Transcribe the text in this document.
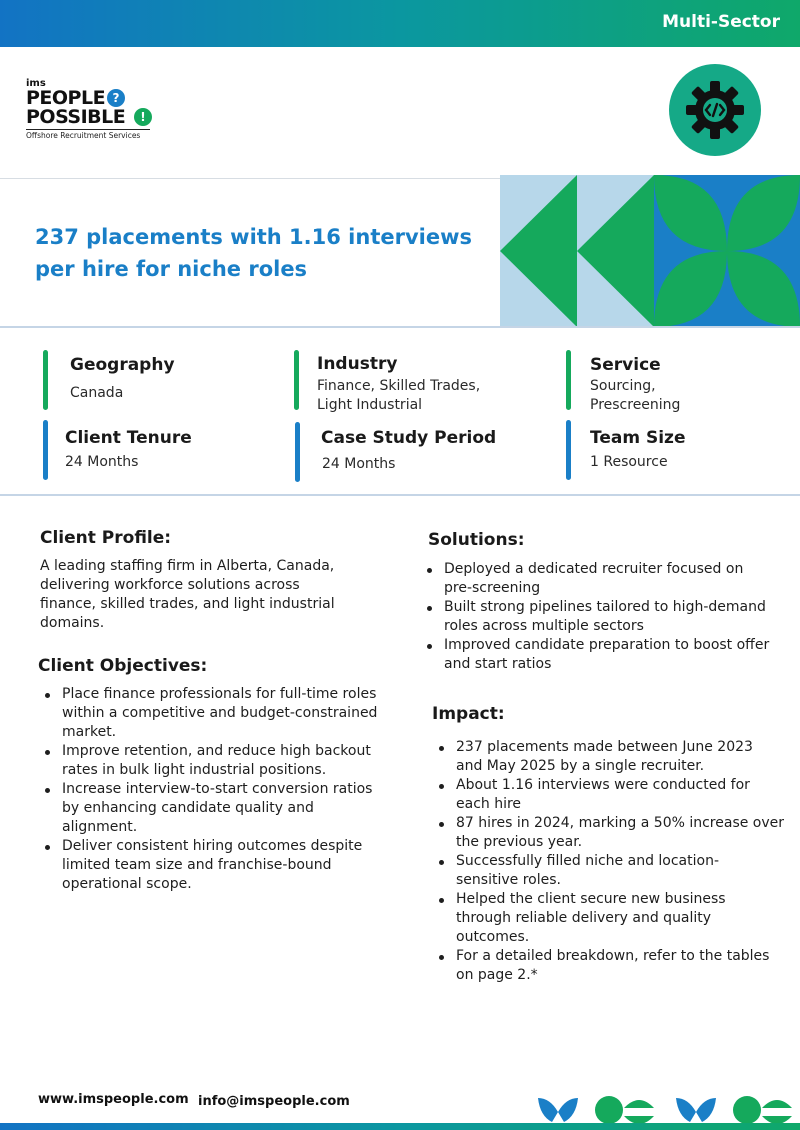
Multi-Sector
ims
PEOPLE ?
POSSIBLE	!
Offshore Recruitment Services
237 placements with 1.16 interviews per hire for niche roles
Geography
Canada
Industry
Finance, Skilled Trades,
Light Industrial
Service
Sourcing,
Prescreening
Client Tenure
24 Months
Case Study Period
24 Months
Team Size
1 Resource
Client Profile:
A leading staffing firm in Alberta, Canada,
delivering workforce solutions across
finance, skilled trades, and light industrial
domains.
Client Objectives:
Place finance professionals for full-time roles
within a competitive and budget-constrained
market.
Improve retention, and reduce high backout
rates in bulk light industrial positions.
Increase interview-to-start conversion ratios
by enhancing candidate quality and
alignment.
Deliver consistent hiring outcomes despite
limited team size and franchise-bound
operational scope.
Solutions:
Deployed a dedicated recruiter focused on
pre-screening
Built strong pipelines tailored to high-demand
roles across multiple sectors
Improved candidate preparation to boost offer
and start ratios
Impact:
237 placements made between June 2023
and May 2025 by a single recruiter.
About 1.16 interviews were conducted for
each hire
87 hires in 2024, marking a 50% increase over
the previous year.
Successfully filled niche and location-
sensitive roles.
Helped the client secure new business
through reliable delivery and quality
outcomes.
For a detailed breakdown, refer to the tables
on page 2.*
www.imspeople.com info@imspeople.com
